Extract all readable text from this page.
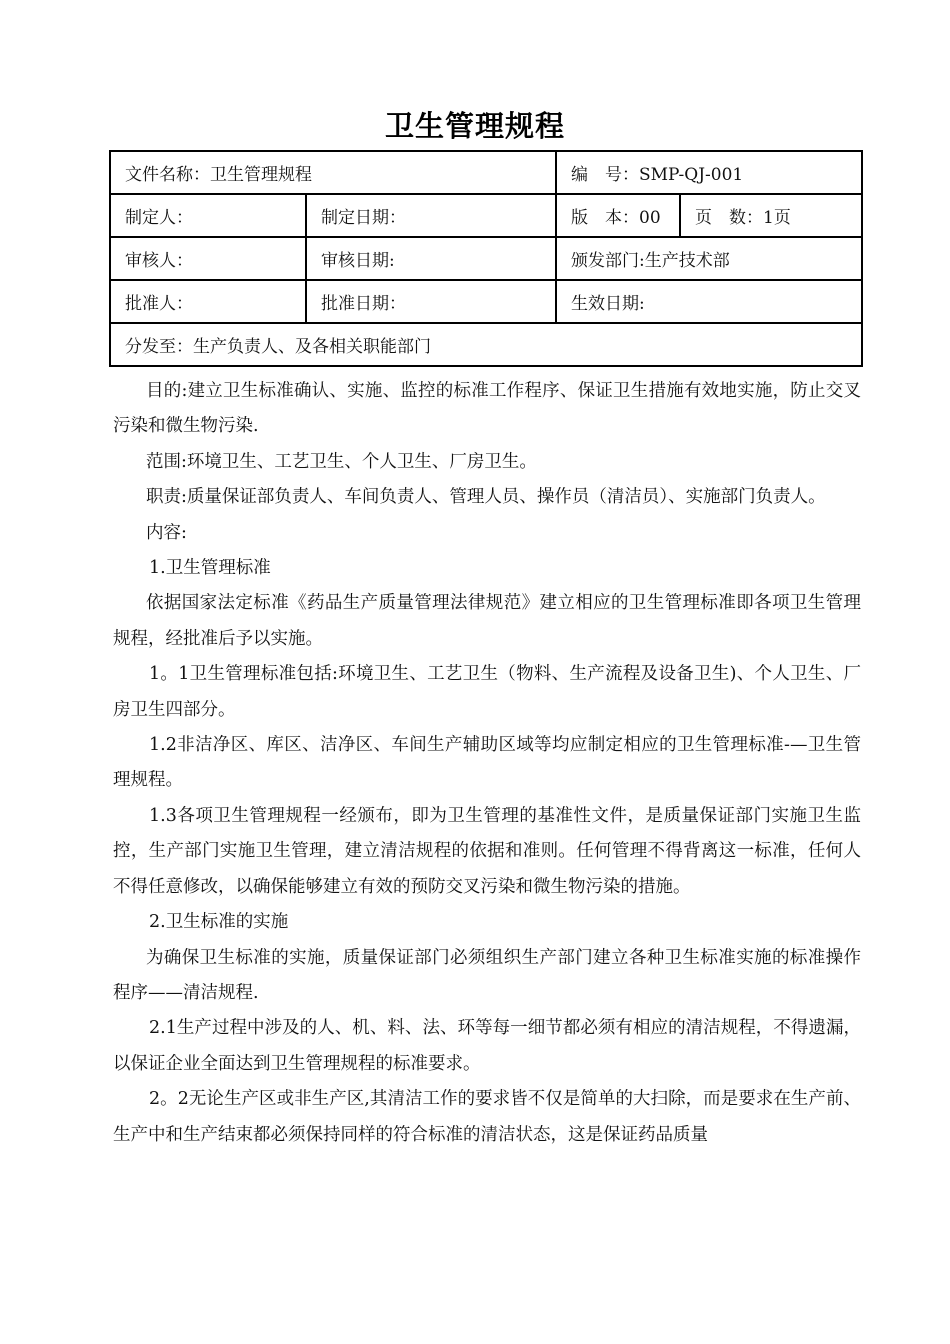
卫生管理规程
文件名称：卫生管理规程		编　号：SMP-QJ-001	
制定人：	制定日期：	版　本：00	页　数：1页
审核人：	审核日期:	颁发部门:生产技术部	
批准人：	批准日期：	生效日期:	
分发至：生产负责人、及各相关职能部门			

目的:建立卫生标准确认、实施、监控的标准工作程序、保证卫生措施有效地实施，防止交叉污染和微生物污染.

范围:环境卫生、工艺卫生、个人卫生、厂房卫生。

职责:质量保证部负责人、车间负责人、管理人员、操作员（清洁员）、实施部门负责人。

内容:

1.卫生管理标准

依据国家法定标准《药品生产质量管理法律规范》建立相应的卫生管理标准即各项卫生管理规程，经批准后予以实施。

1。1卫生管理标准包括:环境卫生、工艺卫生（物料、生产流程及设备卫生)、个人卫生、厂房卫生四部分。

1.2非洁净区、库区、洁净区、车间生产辅助区域等均应制定相应的卫生管理标准-—卫生管理规程。

1.3各项卫生管理规程一经颁布，即为卫生管理的基准性文件，是质量保证部门实施卫生监控，生产部门实施卫生管理，建立清洁规程的依据和准则。任何管理不得背离这一标准，任何人不得任意修改，以确保能够建立有效的预防交叉污染和微生物污染的措施。

2.卫生标准的实施

为确保卫生标准的实施，质量保证部门必须组织生产部门建立各种卫生标准实施的标准操作程序——清洁规程.

2.1生产过程中涉及的人、机、料、法、环等每一细节都必须有相应的清洁规程，不得遗漏，以保证企业全面达到卫生管理规程的标准要求。

2。2无论生产区或非生产区,其清洁工作的要求皆不仅是简单的大扫除，而是要求在生产前、生产中和生产结束都必须保持同样的符合标准的清洁状态，这是保证药品质量
